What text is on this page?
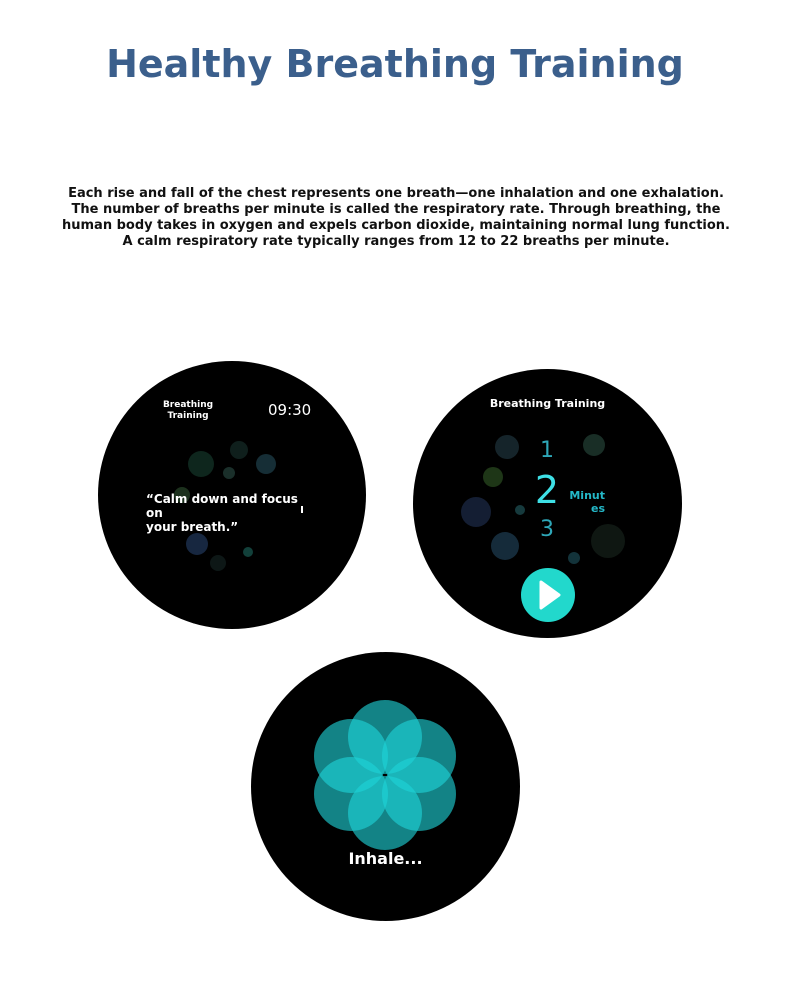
Healthy Breathing Training
Each rise and fall of the chest represents one breath—one inhalation and one exhalation. The number of breaths per minute is called the respiratory rate. Through breathing, the human body takes in oxygen and expels carbon dioxide, maintaining normal lung function. A calm respiratory rate typically ranges from 12 to 22 breaths per minute.
Breathing
Training	09:30
“Calm down and focus on
your breath.”
Breathing Training
1
2
3
Minut
es
Inhale...
